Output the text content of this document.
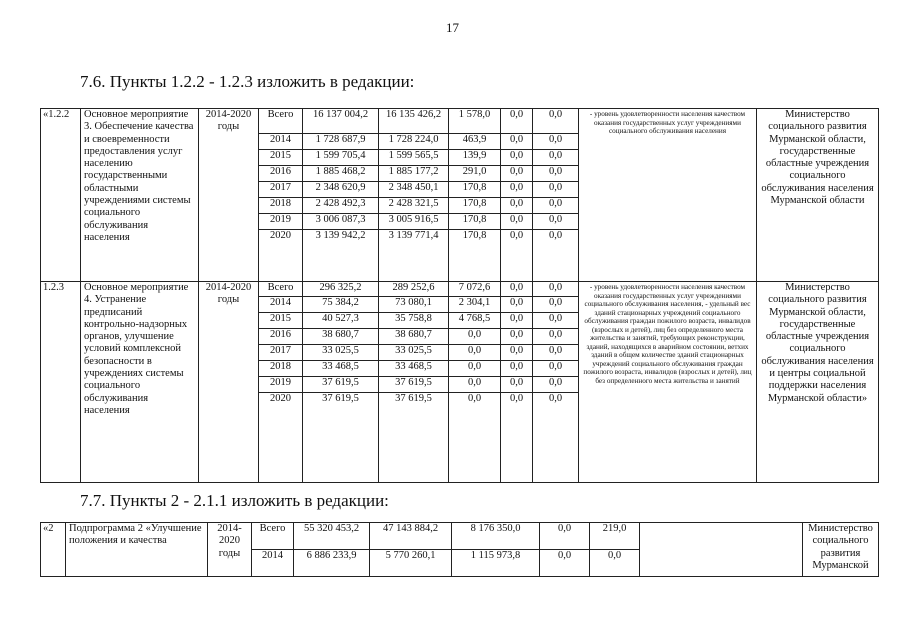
17
7.6. Пункты 1.2.2 - 1.2.3 изложить в редакции:
«1.2.2	Основное мероприятие 3. Обеспечение качества и своевременности предоставления услуг населению государственными областными учреждениями системы социального обслуживания населения	2014-2020 годы	Всего	16 137 004,2	16 135 426,2	1 578,0	0,0	0,0	- уровень удовлетворенности населения качеством оказания государственных услуг учреждениями социального обслуживания населения	Министерство социального развития Мурманской области, государственные областные учреждения социального обслуживания населения Мурманской области
			2014	1 728 687,9	1 728 224,0	463,9	0,0	0,0		
			2015	1 599 705,4	1 599 565,5	139,9	0,0	0,0		
			2016	1 885 468,2	1 885 177,2	291,0	0,0	0,0		
			2017	2 348 620,9	2 348 450,1	170,8	0,0	0,0		
			2018	2 428 492,3	2 428 321,5	170,8	0,0	0,0		
			2019	3 006 087,3	3 005 916,5	170,8	0,0	0,0		
			2020	3 139 942,2	3 139 771,4	170,8	0,0	0,0		
1.2.3	Основное мероприятие 4. Устранение предписаний контрольно-надзорных органов, улучшение условий комплексной безопасности в учреждениях системы социального обслуживания населения	2014-2020 годы	Всего	296 325,2	289 252,6	7 072,6	0,0	0,0	- уровень удовлетворенности населения качеством оказания государственных услуг учреждениями социального обслуживания населения, - удельный вес зданий стационарных учреждений социального обслуживания граждан пожилого возраста, инвалидов (взрослых и детей), лиц без определенного места жительства и занятий, требующих реконструкции, зданий, находящихся в аварийном состоянии, ветхих зданий в общем количестве зданий стационарных учреждений социального обслуживания граждан пожилого возраста, инвалидов (взрослых и детей), лиц без определенного места жительства и занятий	Министерство социального развития Мурманской области, государственные областные учреждения социального обслуживания населения и центры социальной поддержки населения Мурманской области»
			2014	75 384,2	73 080,1	2 304,1	0,0	0,0		
			2015	40 527,3	35 758,8	4 768,5	0,0	0,0		
			2016	38 680,7	38 680,7	0,0	0,0	0,0		
			2017	33 025,5	33 025,5	0,0	0,0	0,0		
			2018	33 468,5	33 468,5	0,0	0,0	0,0		
			2019	37 619,5	37 619,5	0,0	0,0	0,0		
			2020	37 619,5	37 619,5	0,0	0,0	0,0		
7.7. Пункты 2 - 2.1.1 изложить в редакции:
«2	Подпрограмма 2 «Улучшение положения и качества	2014-2020 годы	Всего	55 320 453,2	47 143 884,2	8 176 350,0	0,0	219,0		Министерство социального развития Мурманской
			2014	6 886 233,9	5 770 260,1	1 115 973,8	0,0	0,0		
